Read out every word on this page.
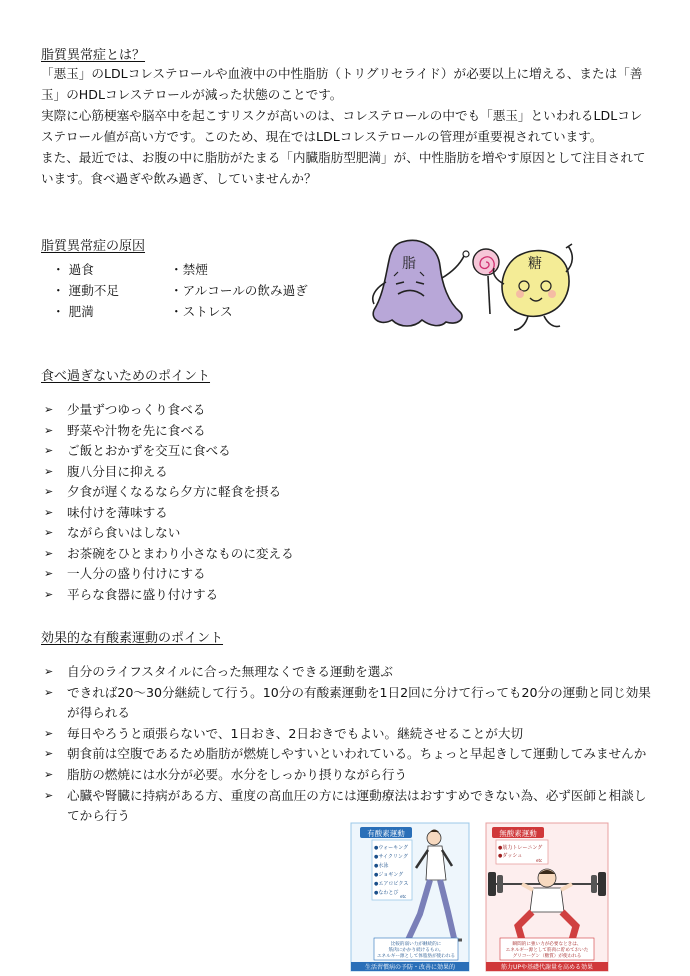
脂質異常症とは？

「悪玉」のLDLコレステロールや血液中の中性脂肪（トリグリセライド）が必要以上に増える、または「善玉」のHDLコレステロールが減った状態のことです。

実際に心筋梗塞や脳卒中を起こすリスクが高いのは、コレステロールの中でも「悪玉」といわれるLDLコレステロール値が高い方です。このため、現在ではLDLコレステロールの管理が重要視されています。

また、最近では、お腹の中に脂肪がたまる「内臓脂肪型肥満」が、中性脂肪を増やす原因として注目されています。食べ過ぎや飲み過ぎ、していませんか？

脂質異常症の原因
・ 過食
・ 運動不足
・ 肥満
・禁煙
・アルコールの飲み過ぎ
・ストレス
脂	糖
食べ過ぎないためのポイント
➢ 少量ずつゆっくり食べる
➢ 野菜や汁物を先に食べる
➢ ご飯とおかずを交互に食べる
➢ 腹八分目に抑える
➢ 夕食が遅くなるなら夕方に軽食を摂る
➢ 味付けを薄味する
➢ ながら食いはしない
➢ お茶碗をひとまわり小さなものに変える
➢ 一人分の盛り付けにする
➢ 平らな食器に盛り付けする
効果的な有酸素運動のポイント
➢ 自分のライフスタイルに合った無理なくできる運動を選ぶ
➢ できれば20〜30分継続して行う。10分の有酸素運動を1日2回に分けて行っても20分の運動と同じ効果が得られる
➢ 毎日やろうと頑張らないで、1日おき、2日おきでもよい。継続させることが大切
➢ 朝食前は空腹であるため脂肪が燃焼しやすいといわれている。ちょっと早起きして運動してみませんか
➢ 脂肪の燃焼には水分が必要。水分をしっかり摂りながら行う
➢ 心臓や腎臓に持病がある方、重度の高血圧の方には運動療法はおすすめできない為、必ず医師と相談してから行う
有酸素運動
●ウォーキング
●サイクリング
●水泳
●ジョギング
●エアロビクス
●なわとび
etc
比較的弱い力が継続的に
筋肉にかかり続けるもの。
エネルギー源として体脂肪が使われる
生活習慣病の予防・改善に効果的
無酸素運動
●筋力トレーニング
●ダッシュ
etc
瞬間的に強い力が必要なときは、
エネルギー源として筋肉に貯めておいた
グリコーゲン（糖質）が使われる
筋力UPや基礎代謝量を高める効果
